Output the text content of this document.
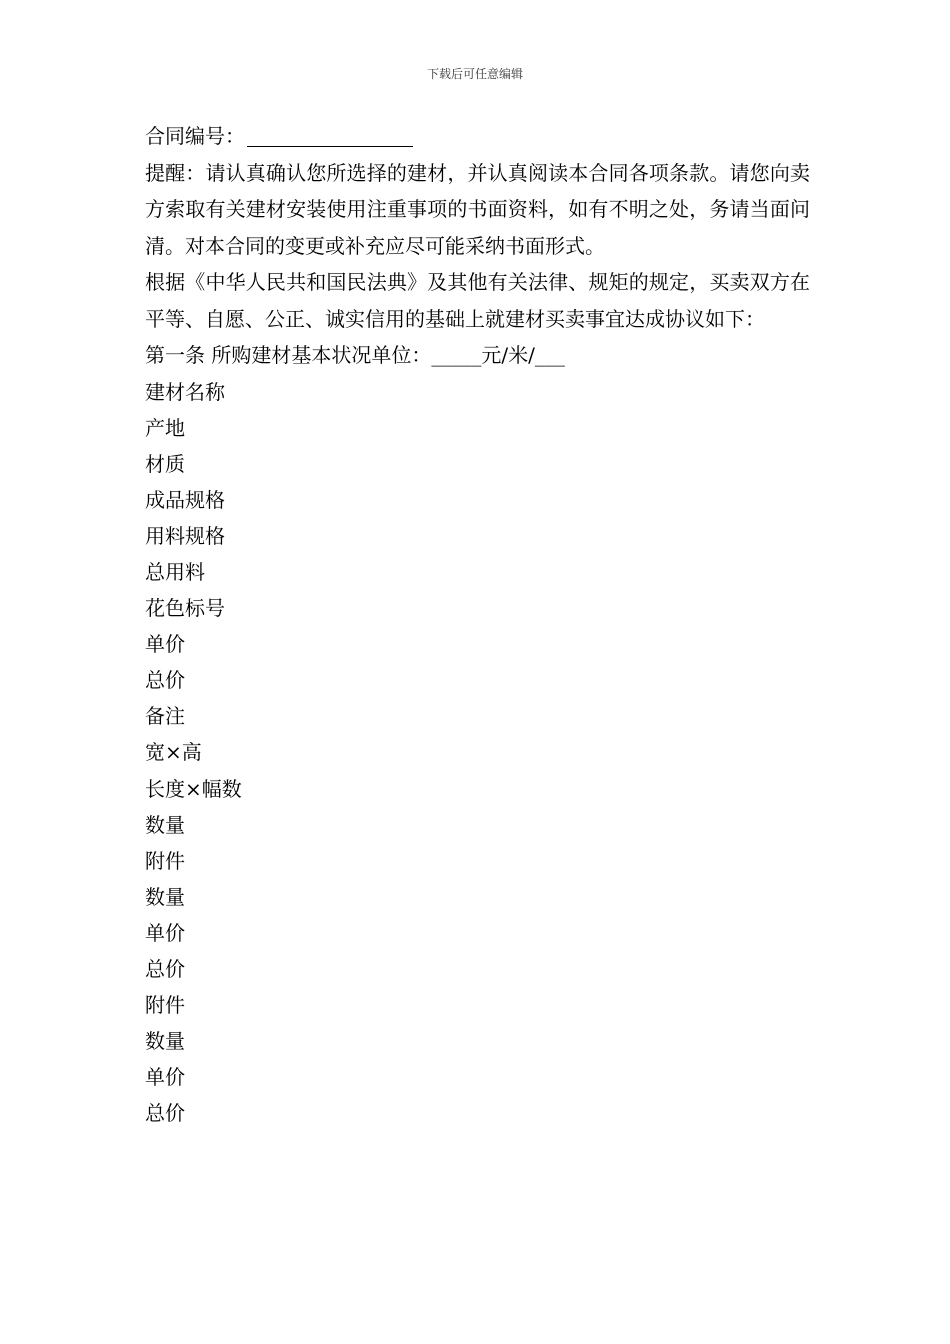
下载后可任意编辑

合同编号：

提醒：请认真确认您所选择的建材，并认真阅读本合同各项条款。请您向卖方索取有关建材安装使用注重事项的书面资料，如有不明之处，务请当面问清。对本合同的变更或补充应尽可能采纳书面形式。

根据《中华人民共和国民法典》及其他有关法律、规矩的规定，买卖双方在平等、自愿、公正、诚实信用的基础上就建材买卖事宜达成协议如下：

第一条 所购建材基本状况单位：_____元/米/___

建材名称
产地
材质
成品规格
用料规格
总用料
花色标号
单价
总价
备注
宽×高
长度×幅数
数量
附件
数量
单价
总价
附件
数量
单价
总价
